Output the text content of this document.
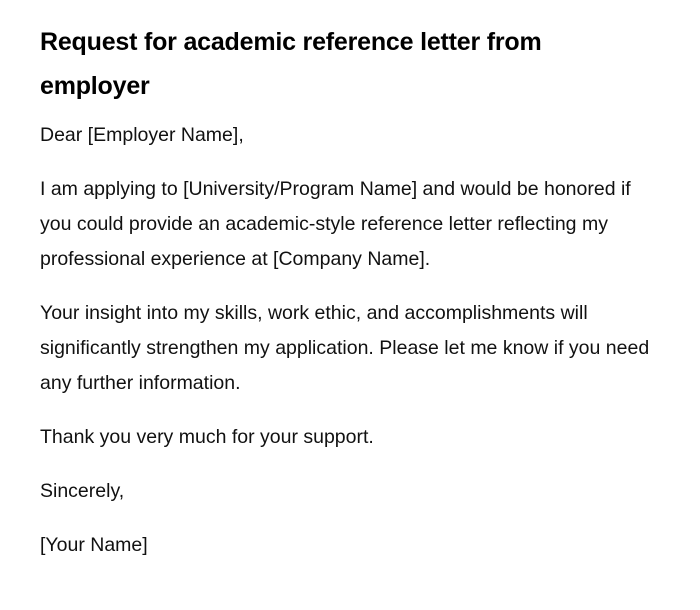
Request for academic reference letter from employer

Dear [Employer Name],

I am applying to [University/Program Name] and would be honored if you could provide an academic-style reference letter reflecting my professional experience at [Company Name].

Your insight into my skills, work ethic, and accomplishments will significantly strengthen my application. Please let me know if you need any further information.

Thank you very much for your support.

Sincerely,

[Your Name]
